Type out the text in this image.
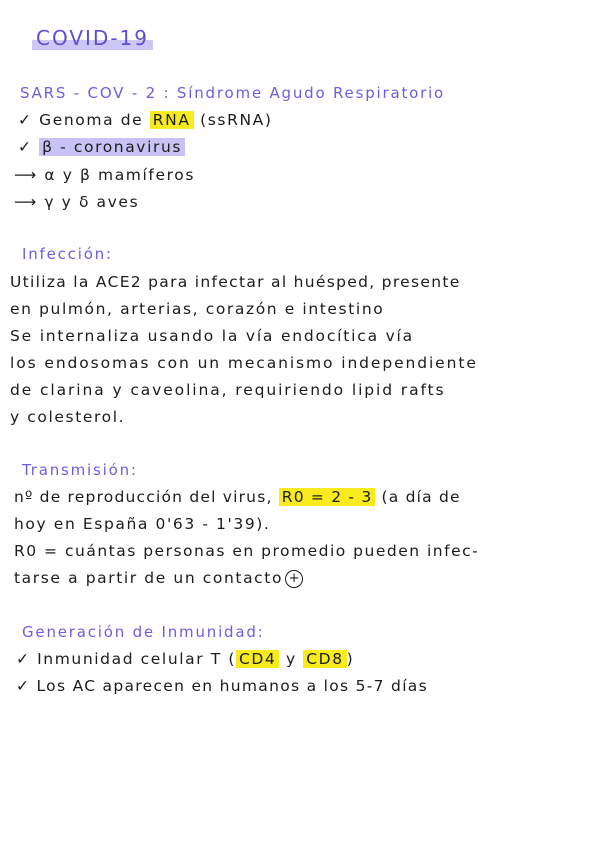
COVID-19
SARS - COV - 2 : Síndrome Agudo Respiratorio
✓ Genoma de RNA (ssRNA)
✓ β - coronavirus
⟶ α y β mamíferos
⟶ γ y δ aves
Infección:
Utiliza la ACE2 para infectar al huésped, presente
en pulmón, arterias, corazón e intestino
Se internaliza usando la vía endocítica vía
los endosomas con un mecanismo independiente
de clarina y caveolina, requiriendo lipid rafts
y colesterol.
Transmisión:
nº de reproducción del virus, R0 = 2 - 3 (a día de
hoy en España 0'63 - 1'39).
R0 = cuántas personas en promedio pueden infec-
tarse a partir de un contacto +
Generación de Inmunidad:
✓ Inmunidad celular T ( CD4 y CD8 )
✓ Los AC aparecen en humanos a los 5-7 días
